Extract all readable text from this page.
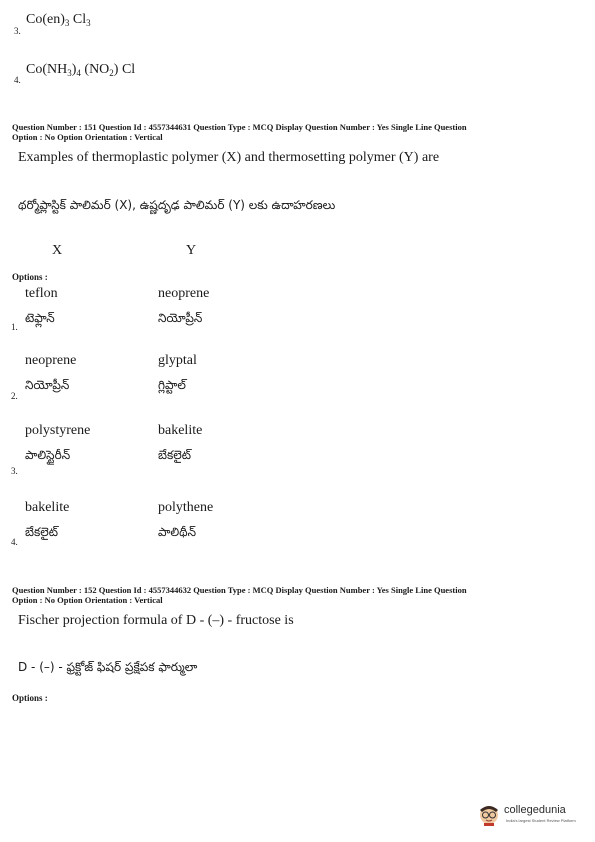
3.
$Co(en)_3$ $Cl_3$
4.
$Co(NH_3)_4$ $(NO_2)$ Cl
Question Number : 151 Question Id : 4557344631 Question Type : MCQ Display Question Number : Yes Single Line Question
Option : No Option Orientation : Vertical
Examples of thermoplastic polymer (X) and thermosetting polymer (Y) are
థర్మోప్లాస్టిక్ పాలిమర్ (X), ఉష్ణదృఢ పాలిమర్ (Y) లకు ఉదాహరణలు
X	Y
Options :
teflon	neoprene
1.
టెఫ్లాన్	నియోప్రీన్
neoprene	glyptal
2.
నియోప్రీన్	గ్లిప్టాల్
polystyrene	bakelite
3.
పాలిస్టైరీన్	బేకలైట్
bakelite	polythene
4.
బేకలైట్	పాలిథీన్
Question Number : 152 Question Id : 4557344632 Question Type : MCQ Display Question Number : Yes Single Line Question
Option : No Option Orientation : Vertical
Fischer projection formula of D - (–) - fructose is
D - (–) - ఫ్రక్టోజ్ ఫిషర్ ప్రక్షేపక ఫార్ములా
Options :
collegedunia
India's largest Student Review Platform
